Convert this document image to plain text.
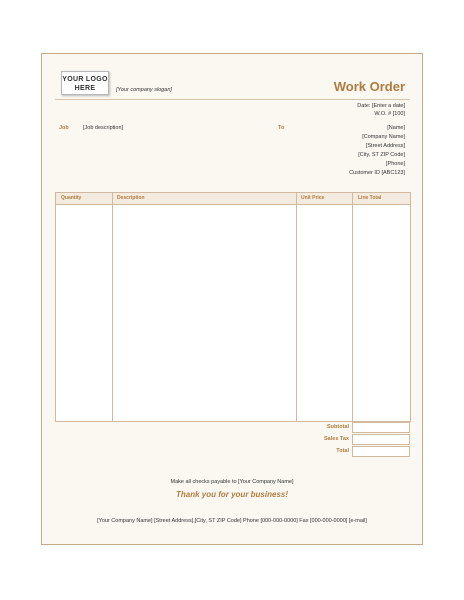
YOUR LOGO
HERE	[Your company slogan]	Work Order
Date: [Enter a date]
W.O. # [100]
Job	[Job description]	To	[Name]
[Company Name]
[Street Address]
[City, ST ZIP Code]
[Phone]
Customer ID [ABC123]
Quantity	Description	Unit Price	Line Total
Subtotal
Sales Tax
Total
Make all checks payable to [Your Company Name]
Thank you for your business!
[Your Company Name] [Street Address],[City, ST ZIP Code] Phone [000-000-0000] Fax [000-000-0000] [e-mail]
